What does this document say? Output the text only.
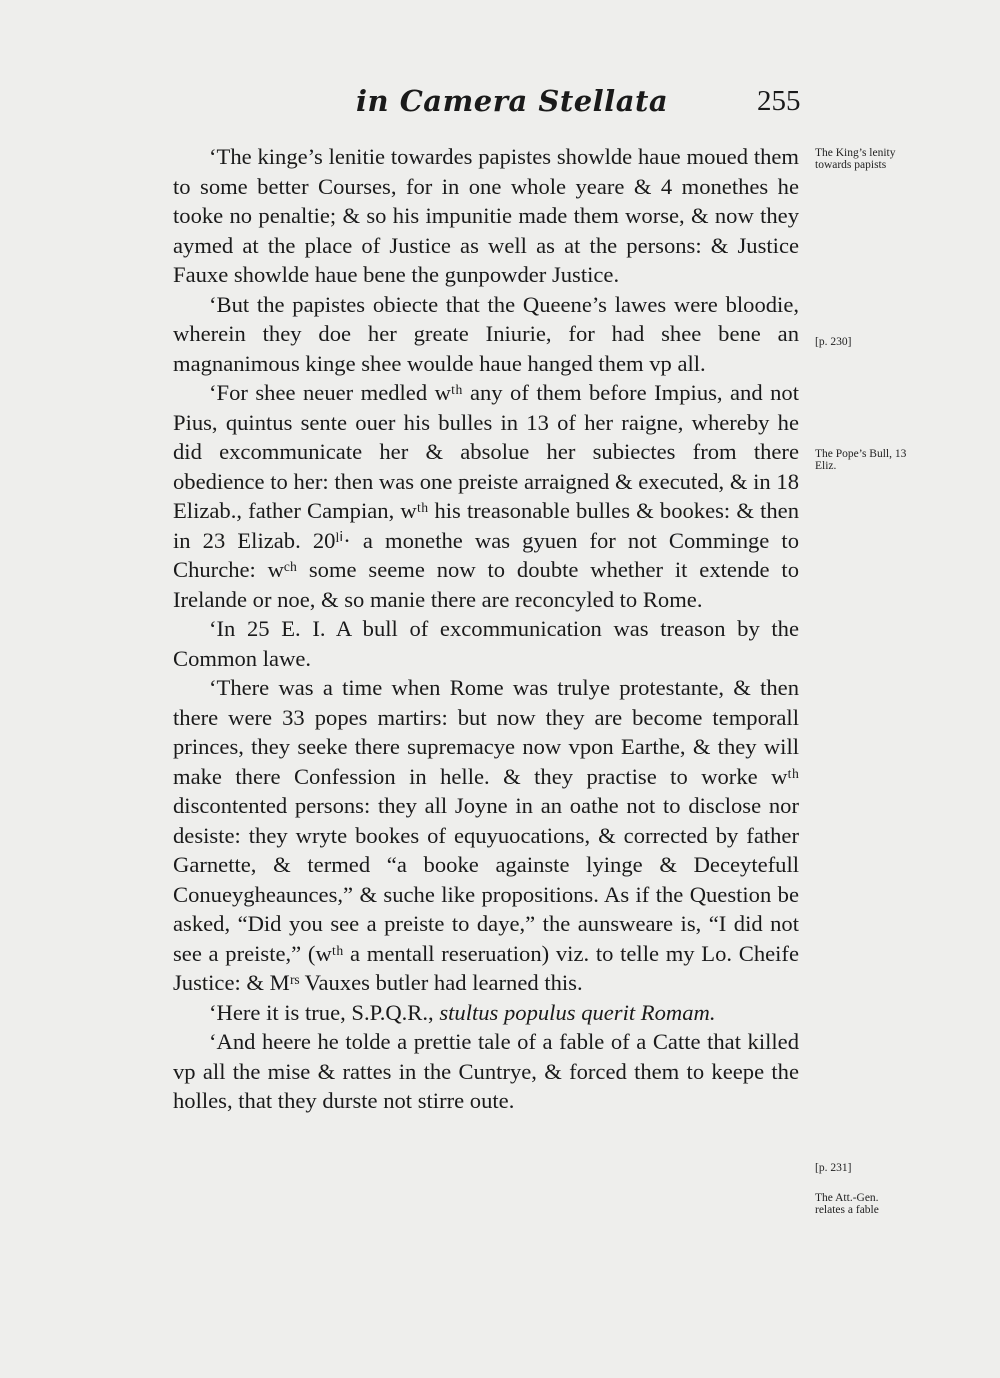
in Camera Stellata	255

‘The kinge’s lenitie towardes papistes showlde haue moued them to some better Courses, for in one whole yeare & 4 monethes he tooke no penaltie; & so his impunitie made them worse, & now they aymed at the place of Justice as well as at the persons: & Justice Fauxe showlde haue bene the gunpowder Justice.

‘But the papistes obiecte that the Queene’s lawes were bloodie, wherein they doe her greate Iniurie, for had shee bene an magnanimous kinge shee woulde haue hanged them vp all.

‘For shee neuer medled wᵗʰ any of them before Impius, and not Pius, quintus sente ouer his bulles in 13 of her raigne, whereby he did excommunicate her & absolue her subiectes from there obedience to her: then was one preiste arraigned & executed, & in 18 Elizab., father Campian, wᵗʰ his treasonable bulles & bookes: & then in 23 Elizab. 20ˡⁱ· a monethe was gyuen for not Comminge to Churche: wᶜʰ some seeme now to doubte whether it extende to Irelande or noe, & so manie there are reconcyled to Rome.

‘In 25 E. I. A bull of excommunication was treason by the Common lawe.

‘There was a time when Rome was trulye protestante, & then there were 33 popes martirs: but now they are become temporall princes, they seeke there supremacye now vpon Earthe, & they will make there Confession in helle. & they practise to worke wᵗʰ discontented persons: they all Joyne in an oathe not to disclose nor desiste: they wryte bookes of equyuocations, & corrected by father Garnette, & termed “a booke againste lyinge & Deceytefull Conueygheaunces,” & suche like propositions. As if the Question be asked, “Did you see a preiste to daye,” the aunsweare is, “I did not see a preiste,” (wᵗʰ a mentall reseruation) viz. to telle my Lo. Cheife Justice: & Mʳˢ Vauxes butler had learned this.

‘Here it is true, S.P.Q.R., stultus populus querit Romam.

‘And heere he tolde a prettie tale of a fable of a Catte that killed vp all the mise & rattes in the Cuntrye, & forced them to keepe the holles, that they durste not stirre oute.

The King’s lenity towards papists
[p. 230]
The Pope’s Bull, 13 Eliz.
[p. 231]
The Att.-Gen. relates a fable
